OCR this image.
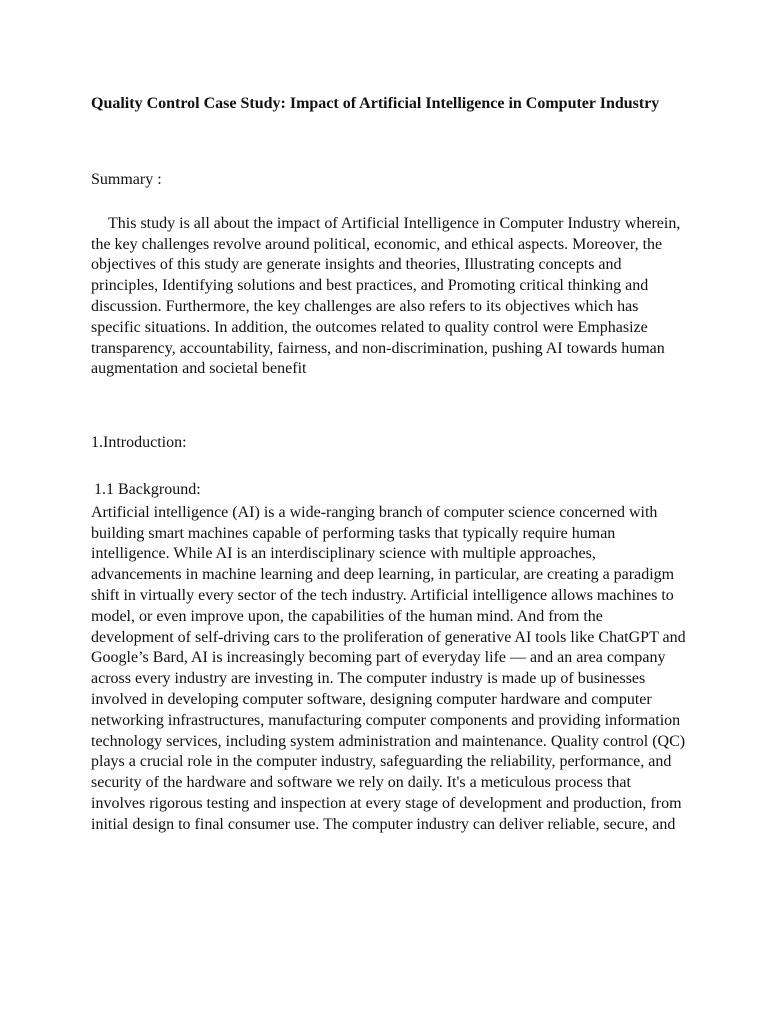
Quality Control Case Study: Impact of Artificial Intelligence in Computer Industry

Summary :

This study is all about the impact of Artificial Intelligence in Computer Industry wherein, the key challenges revolve around political, economic, and ethical aspects. Moreover, the objectives of this study are generate insights and theories, Illustrating concepts and principles, Identifying solutions and best practices, and Promoting critical thinking and discussion. Furthermore, the key challenges are also refers to its objectives which has specific situations. In addition, the outcomes related to quality control were Emphasize transparency, accountability, fairness, and non-discrimination, pushing AI towards human augmentation and societal benefit

1.Introduction:

1.1 Background:

Artificial intelligence (AI) is a wide-ranging branch of computer science concerned with building smart machines capable of performing tasks that typically require human intelligence. While AI is an interdisciplinary science with multiple approaches, advancements in machine learning and deep learning, in particular, are creating a paradigm shift in virtually every sector of the tech industry. Artificial intelligence allows machines to model, or even improve upon, the capabilities of the human mind. And from the development of self-driving cars to the proliferation of generative AI tools like ChatGPT and Google’s Bard, AI is increasingly becoming part of everyday life — and an area company across every industry are investing in. The computer industry is made up of businesses involved in developing computer software, designing computer hardware and computer networking infrastructures, manufacturing computer components and providing information technology services, including system administration and maintenance. Quality control (QC) plays a crucial role in the computer industry, safeguarding the reliability, performance, and security of the hardware and software we rely on daily. It's a meticulous process that involves rigorous testing and inspection at every stage of development and production, from initial design to final consumer use. The computer industry can deliver reliable, secure, and
